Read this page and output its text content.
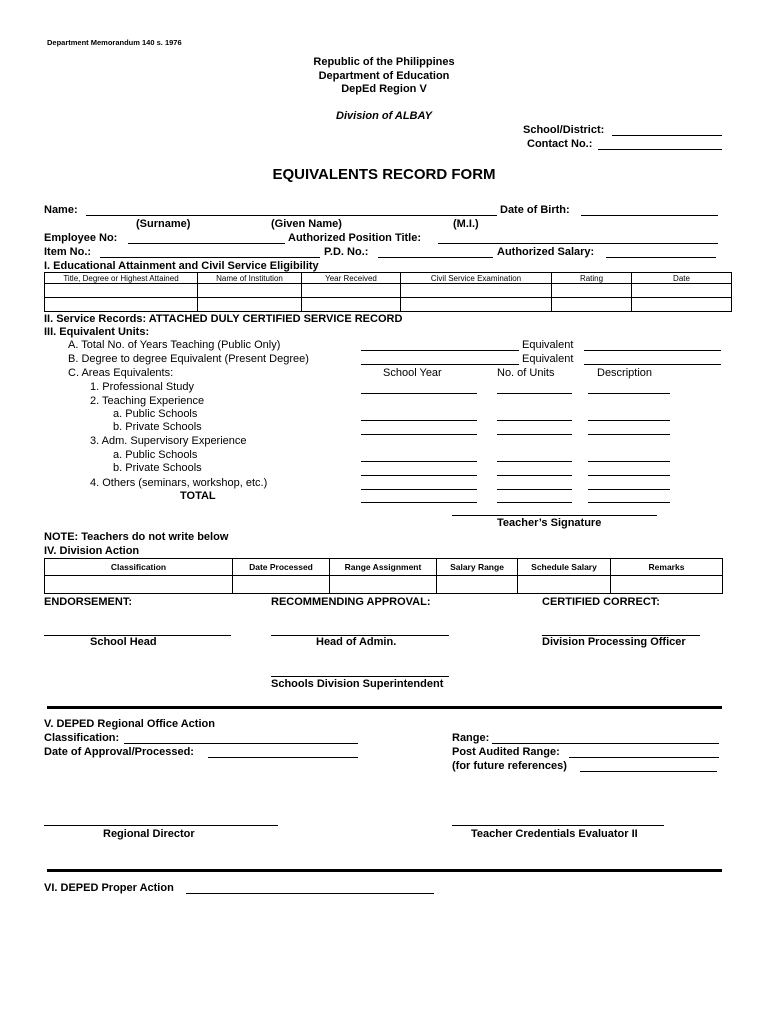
Department Memorandum 140 s. 1976
Republic of the Philippines
Department of Education
DepEd Region V
Division of ALBAY
School/District:
Contact No.:
EQUIVALENTS RECORD FORM
Name:	Date of Birth:
(Surname)	(Given Name)	(M.I.)
Employee No:	Authorized Position Title:
Item No.:	P.D. No.:	Authorized Salary:
I. Educational Attainment and Civil Service Eligibility
Title, Degree or Highest Attained	Name of Institution	Year Received	Civil Service Examination	Rating	Date

II. Service Records: ATTACHED DULY CERTIFIED SERVICE RECORD
III. Equivalent Units:
A. Total No. of Years Teaching (Public Only)	Equivalent
B. Degree to degree Equivalent (Present Degree)	Equivalent
C. Areas Equivalents:	School Year	No. of Units	Description
1. Professional Study
2. Teaching Experience
a. Public Schools
b. Private Schools
3. Adm. Supervisory Experience
a. Public Schools
b. Private Schools
4. Others (seminars, workshop, etc.)
TOTAL
Teacher’s Signature
NOTE: Teachers do not write below
IV. Division Action
Classification	Date Processed	Range Assignment	Salary Range	Schedule Salary	Remarks

ENDORSEMENT:	RECOMMENDING APPROVAL:	CERTIFIED CORRECT:
School Head	Head of Admin.	Division Processing Officer
Schools Division Superintendent
V. DEPED Regional Office Action
Classification:
Date of Approval/Processed:
Range:
Post Audited Range:
(for future references)
Regional Director	Teacher Credentials Evaluator II
VI. DEPED Proper Action
